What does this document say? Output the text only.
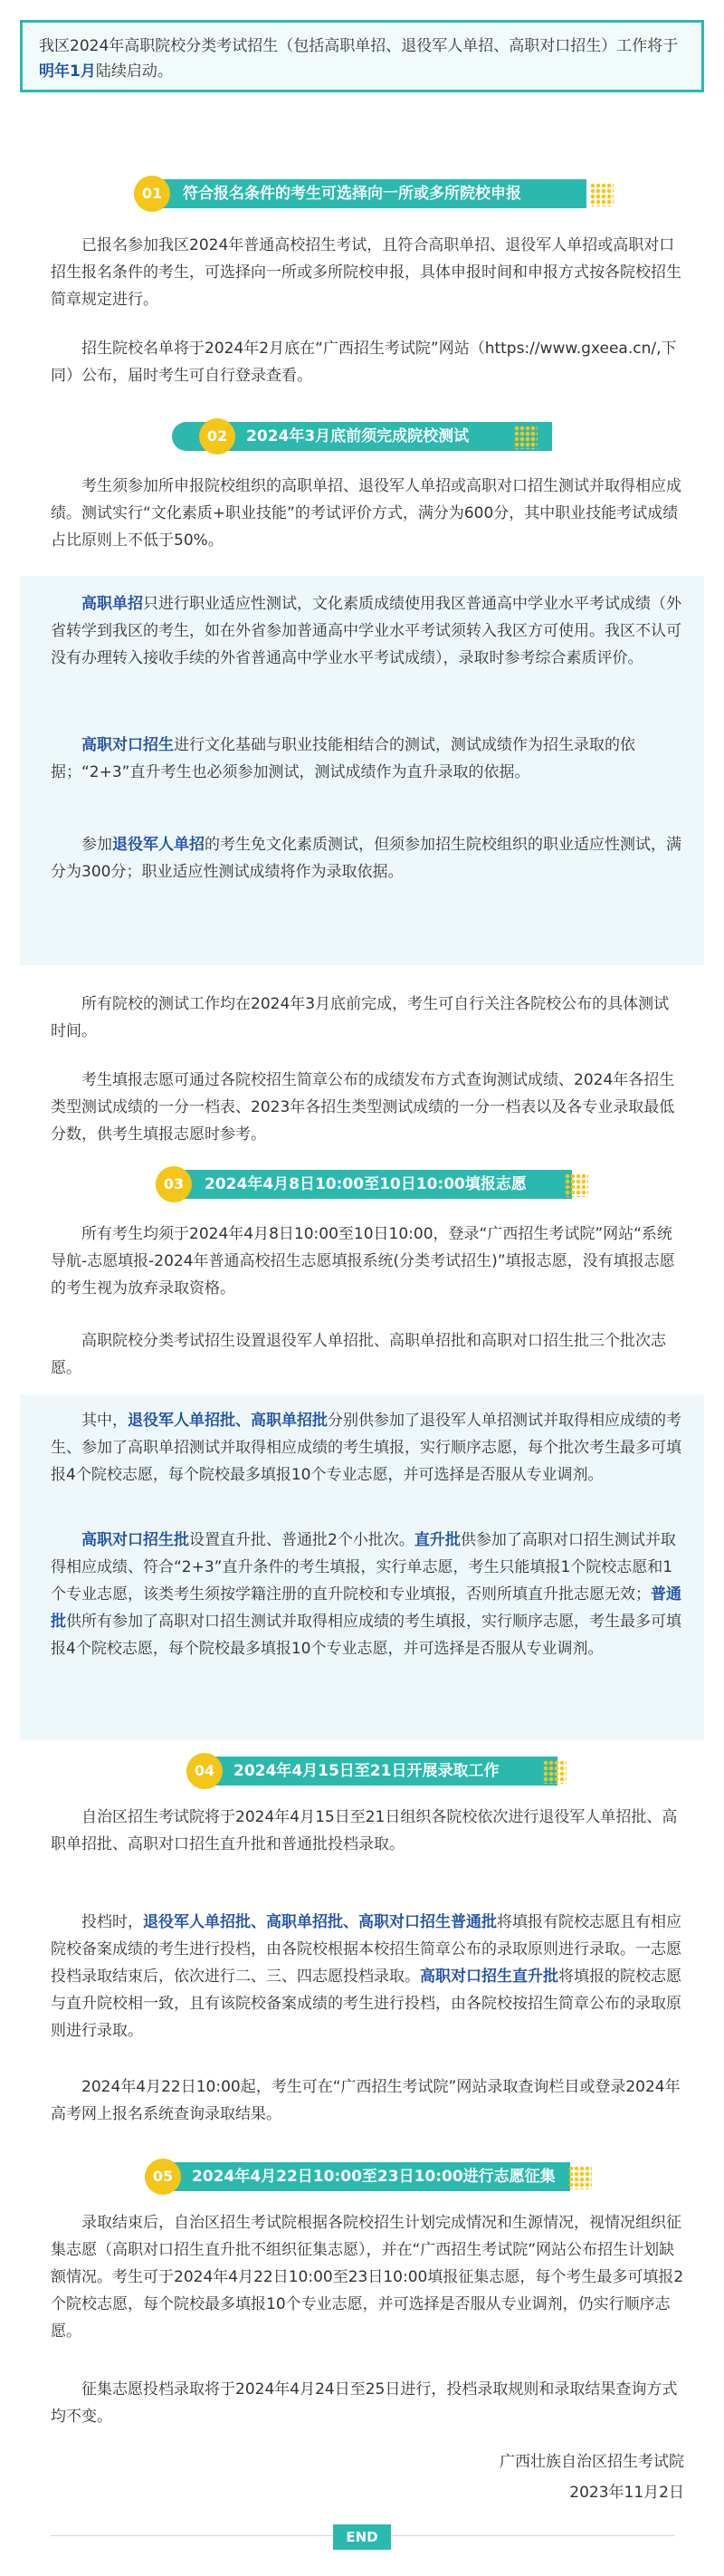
我区2024年高职院校分类考试招生（包括高职单招、退役军人单招、高职对口招生）工作将于明年1月陆续启动。
01	符合报名条件的考生可选择向一所或多所院校申报

已报名参加我区2024年普通高校招生考试，且符合高职单招、退役军人单招或高职对口招生报名条件的考生，可选择向一所或多所院校申报，具体申报时间和申报方式按各院校招生简章规定进行。

招生院校名单将于2024年2月底在“广西招生考试院”网站（https://www.gxeea.cn/,下同）公布，届时考生可自行登录查看。

02	2024年3月底前须完成院校测试

考生须参加所申报院校组织的高职单招、退役军人单招或高职对口招生测试并取得相应成绩。测试实行“文化素质+职业技能”的考试评价方式，满分为600分，其中职业技能考试成绩占比原则上不低于50%。

高职单招只进行职业适应性测试，文化素质成绩使用我区普通高中学业水平考试成绩（外省转学到我区的考生，如在外省参加普通高中学业水平考试须转入我区方可使用。我区不认可没有办理转入接收手续的外省普通高中学业水平考试成绩），录取时参考综合素质评价。

高职对口招生进行文化基础与职业技能相结合的测试，测试成绩作为招生录取的依据；“2+3”直升考生也必须参加测试，测试成绩作为直升录取的依据。

参加退役军人单招的考生免文化素质测试，但须参加招生院校组织的职业适应性测试，满分为300分；职业适应性测试成绩将作为录取依据。

所有院校的测试工作均在2024年3月底前完成，考生可自行关注各院校公布的具体测试时间。

考生填报志愿可通过各院校招生简章公布的成绩发布方式查询测试成绩、2024年各招生类型测试成绩的一分一档表、2023年各招生类型测试成绩的一分一档表以及各专业录取最低分数，供考生填报志愿时参考。

03	2024年4月8日10:00至10日10:00填报志愿

所有考生均须于2024年4月8日10:00至10日10:00，登录“广西招生考试院”网站“系统导航-志愿填报-2024年普通高校招生志愿填报系统(分类考试招生)”填报志愿，没有填报志愿的考生视为放弃录取资格。

高职院校分类考试招生设置退役军人单招批、高职单招批和高职对口招生批三个批次志愿。

其中，退役军人单招批、高职单招批分别供参加了退役军人单招测试并取得相应成绩的考生、参加了高职单招测试并取得相应成绩的考生填报，实行顺序志愿，每个批次考生最多可填报4个院校志愿，每个院校最多填报10个专业志愿，并可选择是否服从专业调剂。

高职对口招生批设置直升批、普通批2个小批次。直升批供参加了高职对口招生测试并取得相应成绩、符合“2+3”直升条件的考生填报，实行单志愿，考生只能填报1个院校志愿和1个专业志愿，该类考生须按学籍注册的直升院校和专业填报，否则所填直升批志愿无效；普通批供所有参加了高职对口招生测试并取得相应成绩的考生填报，实行顺序志愿，考生最多可填报4个院校志愿，每个院校最多填报10个专业志愿，并可选择是否服从专业调剂。

04	2024年4月15日至21日开展录取工作

自治区招生考试院将于2024年4月15日至21日组织各院校依次进行退役军人单招批、高职单招批、高职对口招生直升批和普通批投档录取。

投档时，退役军人单招批、高职单招批、高职对口招生普通批将填报有院校志愿且有相应院校备案成绩的考生进行投档，由各院校根据本校招生简章公布的录取原则进行录取。一志愿投档录取结束后，依次进行二、三、四志愿投档录取。高职对口招生直升批将填报的院校志愿与直升院校相一致，且有该院校备案成绩的考生进行投档，由各院校按招生简章公布的录取原则进行录取。

2024年4月22日10:00起，考生可在“广西招生考试院”网站录取查询栏目或登录2024年高考网上报名系统查询录取结果。

05	2024年4月22日10:00至23日10:00进行志愿征集

录取结束后，自治区招生考试院根据各院校招生计划完成情况和生源情况，视情况组织征集志愿（高职对口招生直升批不组织征集志愿），并在“广西招生考试院”网站公布招生计划缺额情况。考生可于2024年4月22日10:00至23日10:00填报征集志愿，每个考生最多可填报2个院校志愿，每个院校最多填报10个专业志愿，并可选择是否服从专业调剂，仍实行顺序志愿。

征集志愿投档录取将于2024年4月24日至25日进行，投档录取规则和录取结果查询方式均不变。

广西壮族自治区招生考试院

2023年11月2日

END
